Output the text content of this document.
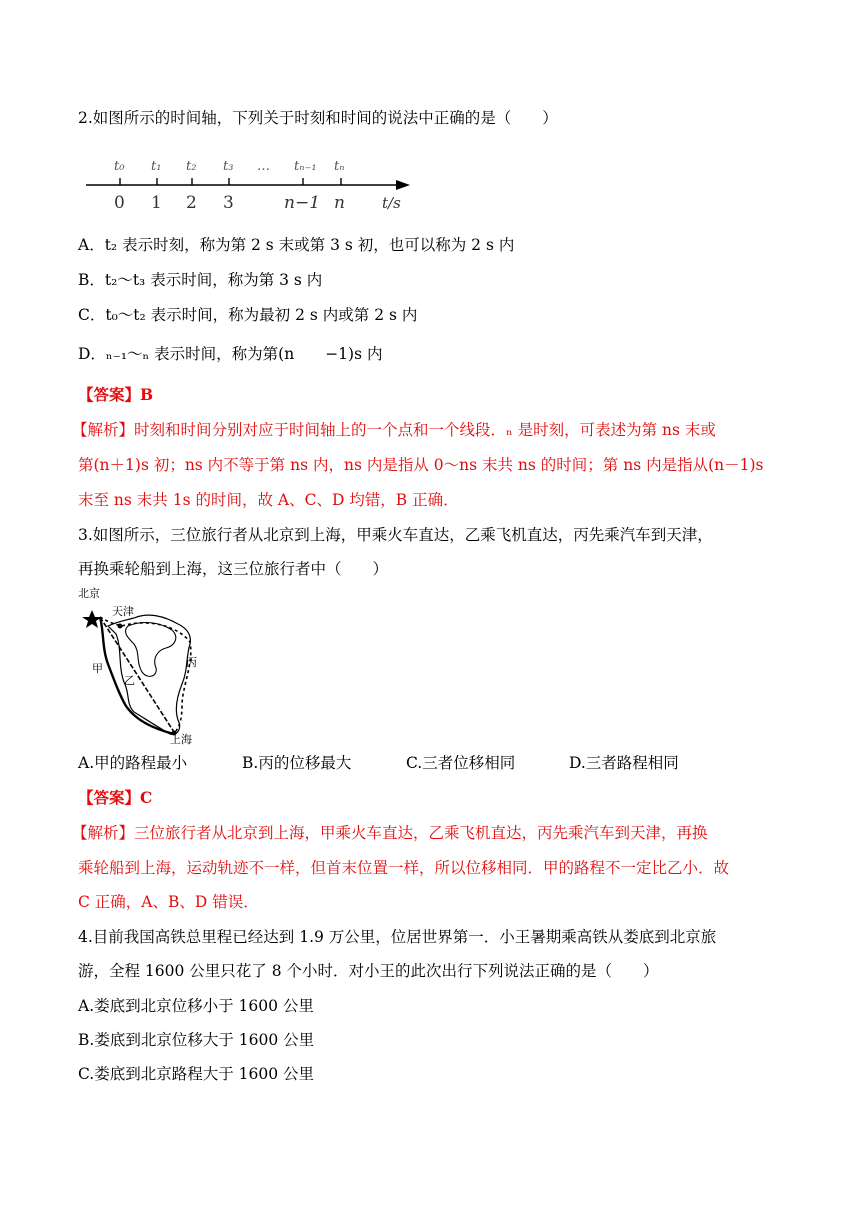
2.如图所示的时间轴，下列关于时刻和时间的说法中正确的是（　　）
t₀ t₁ t₂ t₃ … tₙ₋₁ tₙ
0 1 2 3	n−1 n t/s
A．t₂ 表示时刻，称为第 2 s 末或第 3 s 初，也可以称为 2 s 内
B．t₂～t₃ 表示时间，称为第 3 s 内
C．t₀～t₂ 表示时间，称为最初 2 s 内或第 2 s 内
D．ₙ₋₁～ₙ 表示时间，称为第(n　　−1)s 内
【答案】B
【解析】时刻和时间分别对应于时间轴上的一个点和一个线段．ₙ 是时刻，可表述为第 ns 末或
第(n＋1)s 初；ns 内不等于第 ns 内，ns 内是指从 0～ns 末共 ns 的时间；第 ns 内是指从(n－1)s
末至 ns 末共 1s 的时间，故 A、C、D 均错，B 正确．
3.如图所示，三位旅行者从北京到上海，甲乘火车直达，乙乘飞机直达，丙先乘汽车到天津，
再换乘轮船到上海，这三位旅行者中（　　）
北京
天津
上海
甲
乙
丙
A.甲的路程最小	B.丙的位移最大	C.三者位移相同	D.三者路程相同
【答案】C
【解析】三位旅行者从北京到上海，甲乘火车直达，乙乘飞机直达，丙先乘汽车到天津，再换
乘轮船到上海，运动轨迹不一样，但首末位置一样，所以位移相同．甲的路程不一定比乙小．故
C 正确，A、B、D 错误．
4.目前我国高铁总里程已经达到 1.9 万公里，位居世界第一．小王暑期乘高铁从娄底到北京旅
游，全程 1600 公里只花了 8 个小时．对小王的此次出行下列说法正确的是（　　）
A.娄底到北京位移小于 1600 公里
B.娄底到北京位移大于 1600 公里
C.娄底到北京路程大于 1600 公里
